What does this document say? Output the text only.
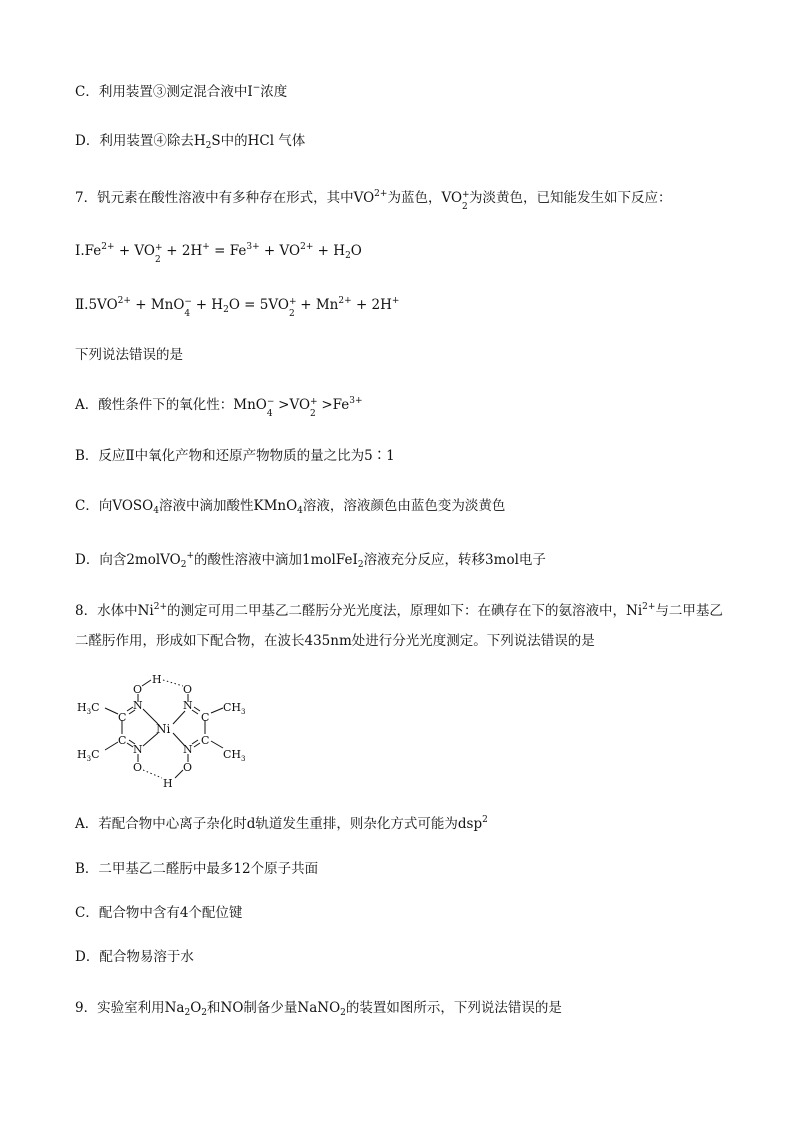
C．利用装置③测定混合液中I−浓度
D．利用装置④除去$H_2S$中的HCl 气体
7．钒元素在酸性溶液中有多种存在形式，其中$VO^{2+}$为蓝色，VO +
2
为淡黄色，已知能发生如下反应：
$Ⅰ.Fe^{2+}$ + VO +
2
+ $2H^+ = Fe^{3+} + VO^{2+} + H_2O$
$Ⅱ.5VO^{2+}$ + MnO −
4
+ $H_2O = 5VO$ +
2
+ $Mn^{2+} + 2H^+$
下列说法错误的是
A．酸性条件下的氧化性：MnO −
4
>VO +
2
$>Fe^{3+}$
B．反应Ⅱ中氧化产物和还原产物物质的量之比为5∶1
C．向$VOSO_4$溶液中滴加酸性KMnO$_4$溶液，溶液颜色由蓝色变为淡黄色
D．向含2molVO$_2$+的酸性溶液中滴加1molFeI$_2$溶液充分反应，转移3mol电子
8．水体中$Ni^{2+}$的测定可用二甲基乙二醛肟分光光度法，原理如下：在碘存在下的氨溶液中，$Ni^{2+}$与二甲基乙二醛肟作用，形成如下配合物，在波长435nm处进行分光光度测定。下列说法错误的是
$H_3C$
$H_3C$
C
C
N
N
O
O
H
H
Ni
N
N
O
O
C
C
$CH_3$
$CH_3$
A．若配合物中心离子杂化时d轨道发生重排，则杂化方式可能为dsp$^2$
B．二甲基乙二醛肟中最多12个原子共面
C．配合物中含有4个配位键
D．配合物易溶于水
9．实验室利用$Na_2O_2$和NO制备少量NaNO$_2$的装置如图所示，下列说法错误的是
